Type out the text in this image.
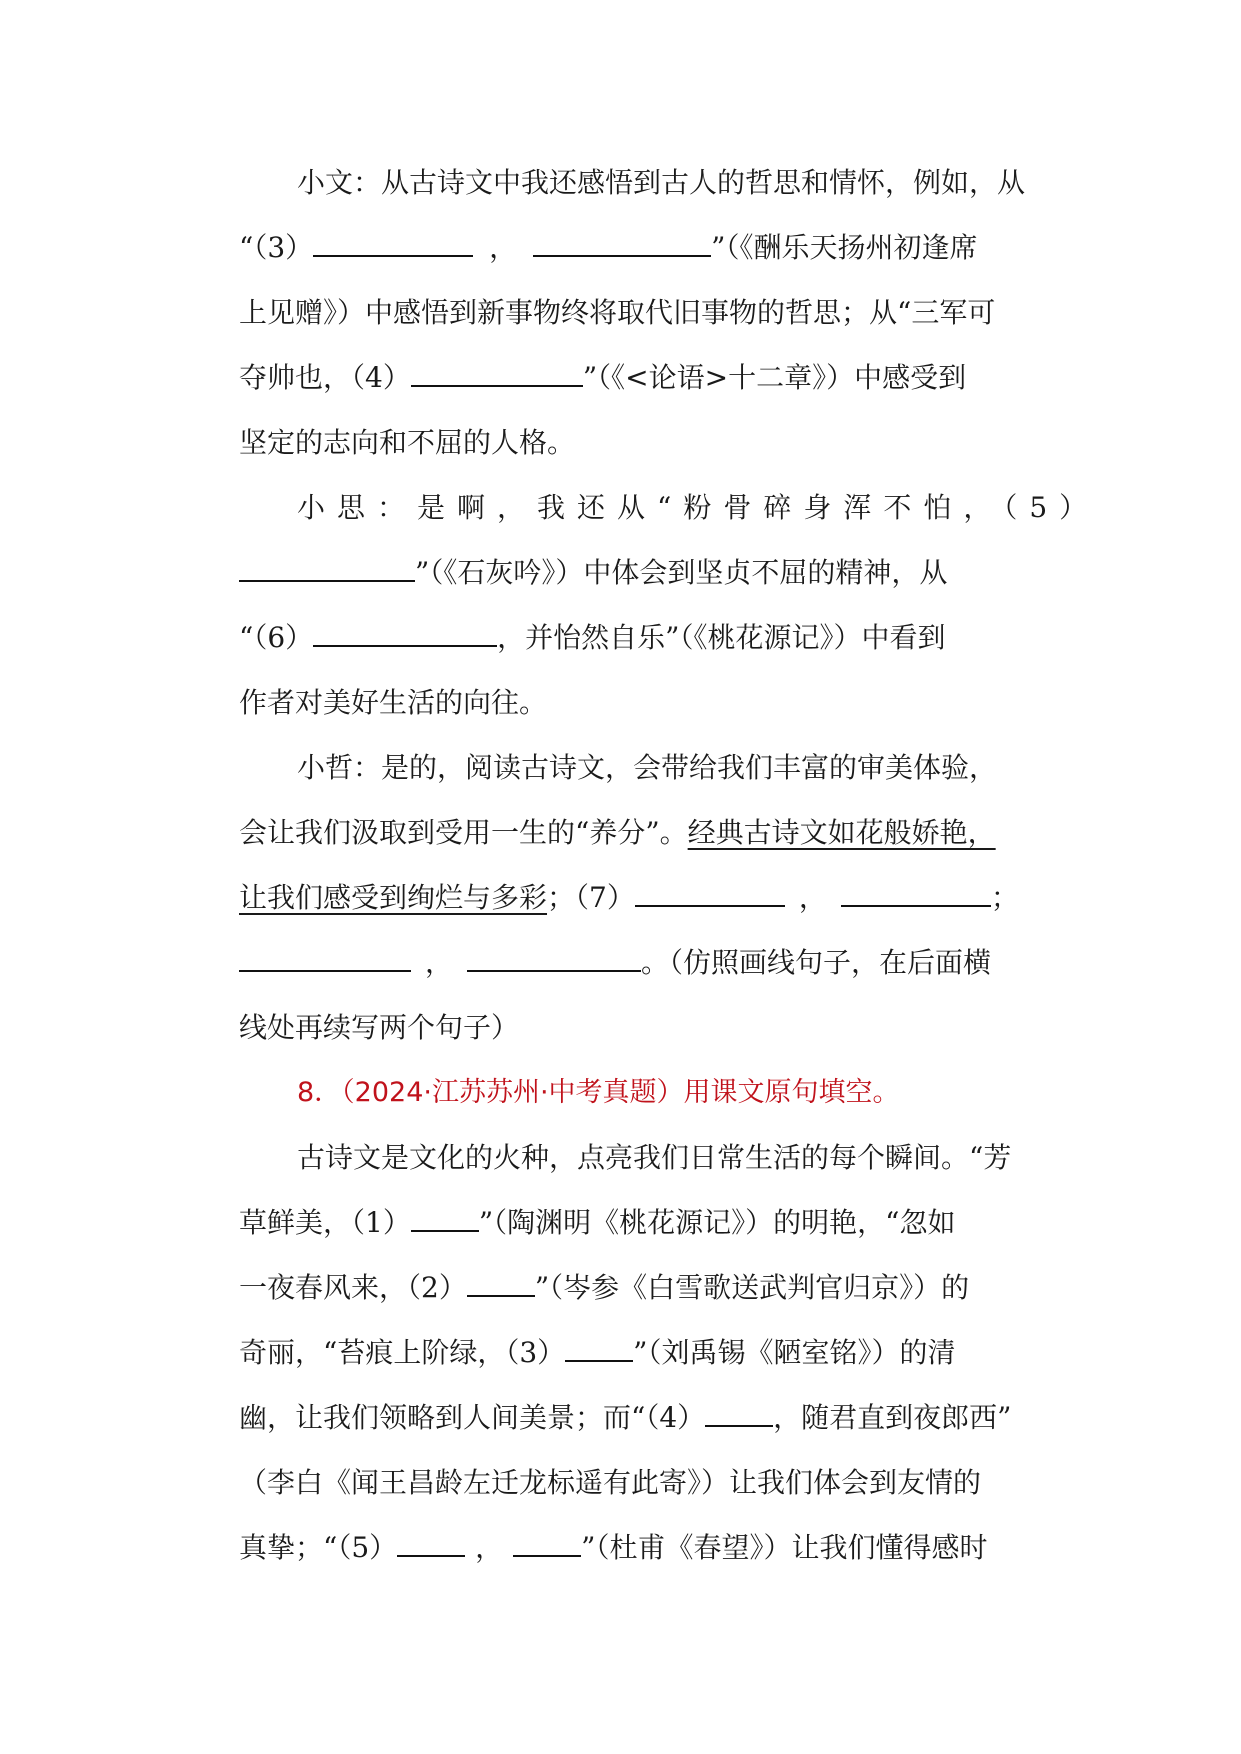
小文：从古诗文中我还感悟到古人的哲思和情怀，例如，从
“（3）	，	”（《酬乐天扬州初逢席
上见赠》）中感悟到新事物终将取代旧事物的哲思；从“三军可
夺帅也，（4）	”（《<论语>十二章》）中感受到
坚定的志向和不屈的人格。
小思：是啊，我还从“粉骨碎身浑不怕，（5）
”（《石灰吟》）中体会到坚贞不屈的精神，从
“（6）	，并怡然自乐”（《桃花源记》）中看到
作者对美好生活的向往。
小哲：是的，阅读古诗文，会带给我们丰富的审美体验，
会让我们汲取到受用一生的“养分”。经典古诗文如花般娇艳，
让我们感受到绚烂与多彩；（7）	，	；
，	。（仿照画线句子，在后面横
线处再续写两个句子）
8．（2024·江苏苏州·中考真题）用课文原句填空。
古诗文是文化的火种，点亮我们日常生活的每个瞬间。“芳
草鲜美，（1） ”（陶渊明《桃花源记》）的明艳，“忽如
一夜春风来，（2） ”（岑参《白雪歌送武判官归京》）的
奇丽，“苔痕上阶绿，（3） ”（刘禹锡《陋室铭》）的清
幽，让我们领略到人间美景；而“（4） ，随君直到夜郎西”
（李白《闻王昌龄左迁龙标遥有此寄》）让我们体会到友情的
真挚；“（5）	，	”（杜甫《春望》）让我们懂得感时
